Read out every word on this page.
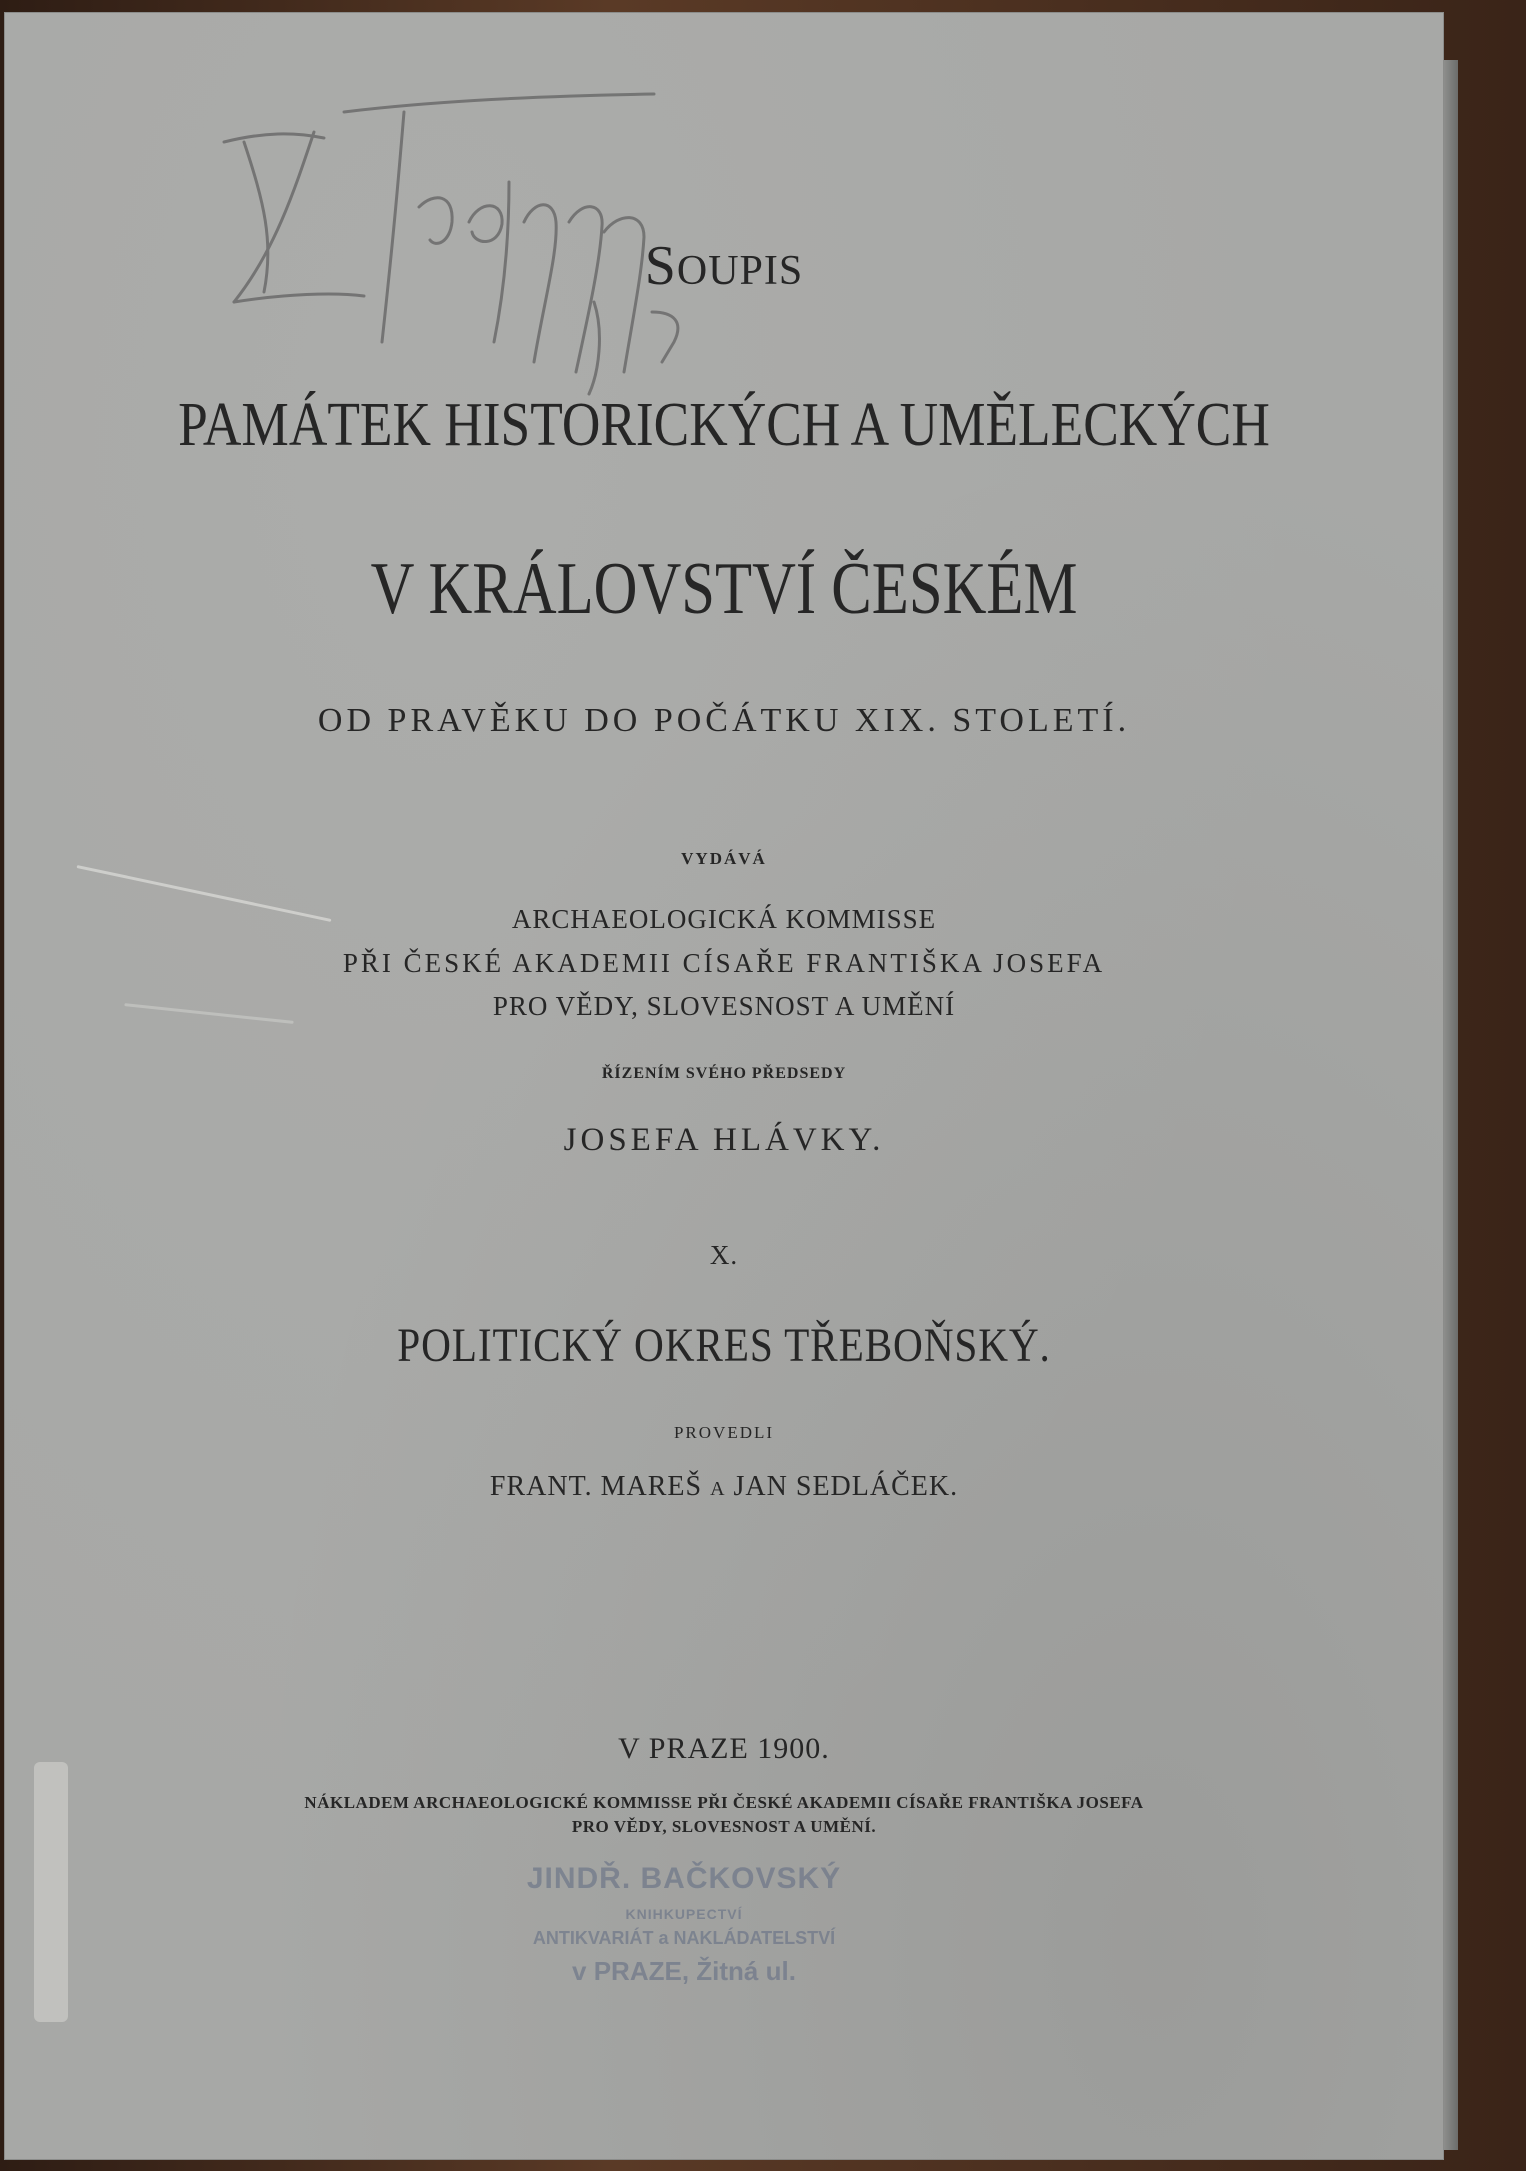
SOUPIS
PAMÁTEK HISTORICKÝCH A UMĚLECKÝCH
V KRÁLOVSTVÍ ČESKÉM
OD PRAVĚKU DO POČÁTKU XIX. STOLETÍ.
VYDÁVÁ
ARCHAEOLOGICKÁ KOMMISSE
PŘI ČESKÉ AKADEMII CÍSAŘE FRANTIŠKA JOSEFA
PRO VĚDY, SLOVESNOST A UMĚNÍ
ŘÍZENÍM SVÉHO PŘEDSEDY
JOSEFA HLÁVKY.
X.
POLITICKÝ OKRES TŘEBOŇSKÝ.
PROVEDLI
FRANT. MAREŠ A JAN SEDLÁČEK.
V PRAZE 1900.
NÁKLADEM ARCHAEOLOGICKÉ KOMMISSE PŘI ČESKÉ AKADEMII CÍSAŘE FRANTIŠKA JOSEFA
PRO VĚDY, SLOVESNOST A UMĚNÍ.
JINDŘ. BAČKOVSKÝ
KNIHKUPECTVÍ
ANTIKVARIÁT a NAKLÁDATELSTVÍ
v PRAZE, Žitná ul.
